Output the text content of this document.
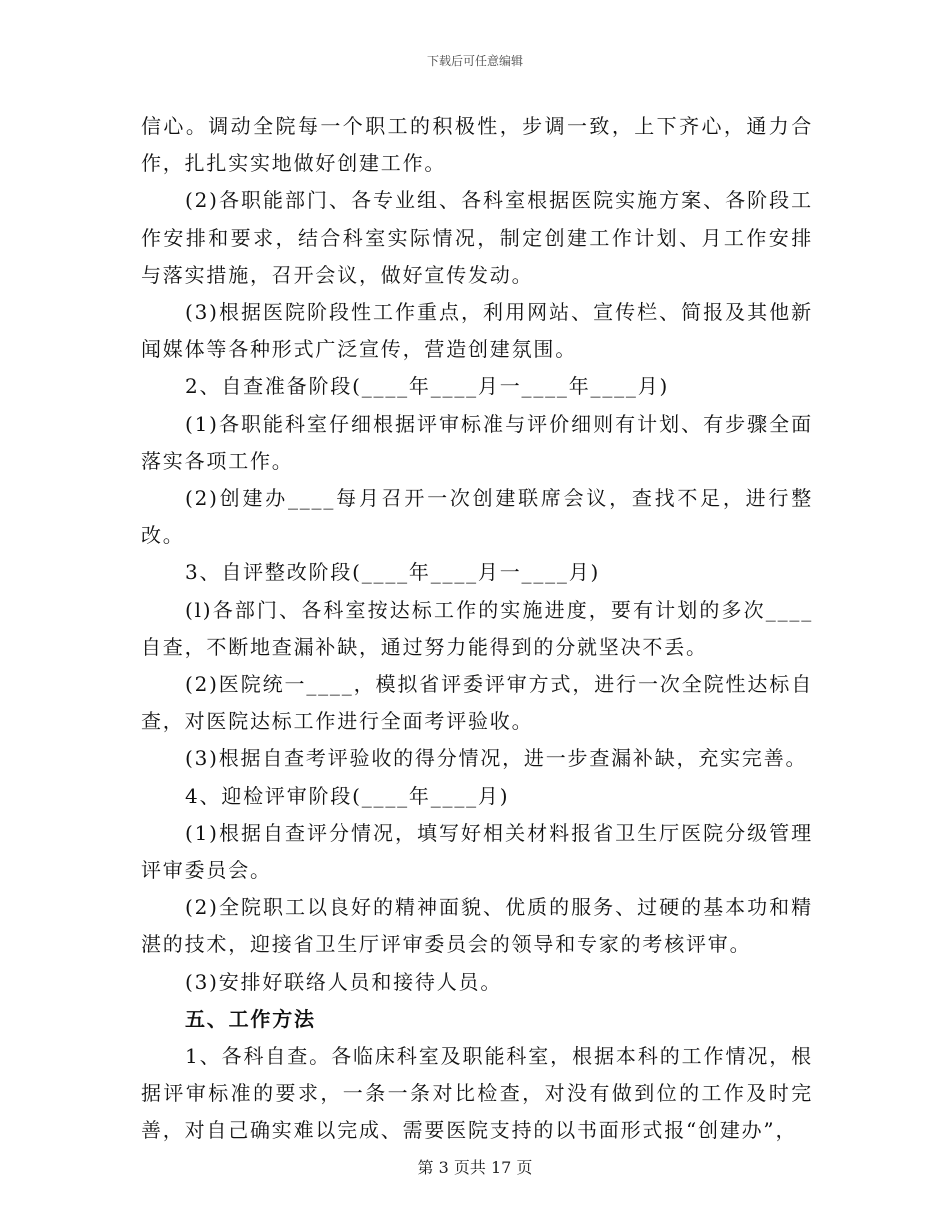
下载后可任意编辑

信心。调动全院每一个职工的积极性，步调一致，上下齐心，通力合作，扎扎实实地做好创建工作。

(2)各职能部门、各专业组、各科室根据医院实施方案、各阶段工作安排和要求，结合科室实际情况，制定创建工作计划、月工作安排与落实措施，召开会议，做好宣传发动。

(3)根据医院阶段性工作重点，利用网站、宣传栏、简报及其他新闻媒体等各种形式广泛宣传，营造创建氛围。

2、自查准备阶段(____年____月一____年____月)

(1)各职能科室仔细根据评审标准与评价细则有计划、有步骤全面落实各项工作。

(2)创建办____每月召开一次创建联席会议，查找不足，进行整改。

3、自评整改阶段(____年____月一____月)

(l)各部门、各科室按达标工作的实施进度，要有计划的多次____自查，不断地查漏补缺，通过努力能得到的分就坚决不丢。

(2)医院统一____，模拟省评委评审方式，进行一次全院性达标自查，对医院达标工作进行全面考评验收。

(3)根据自查考评验收的得分情况，进一步查漏补缺，充实完善。

4、迎检评审阶段(____年____月)

(1)根据自查评分情况，填写好相关材料报省卫生厅医院分级管理评审委员会。

(2)全院职工以良好的精神面貌、优质的服务、过硬的基本功和精湛的技术，迎接省卫生厅评审委员会的领导和专家的考核评审。

(3)安排好联络人员和接待人员。

五、工作方法

1、各科自查。各临床科室及职能科室，根据本科的工作情况，根据评审标准的要求，一条一条对比检查，对没有做到位的工作及时完善，对自己确实难以完成、需要医院支持的以书面形式报“创建办”，

第 3 页共 17 页
